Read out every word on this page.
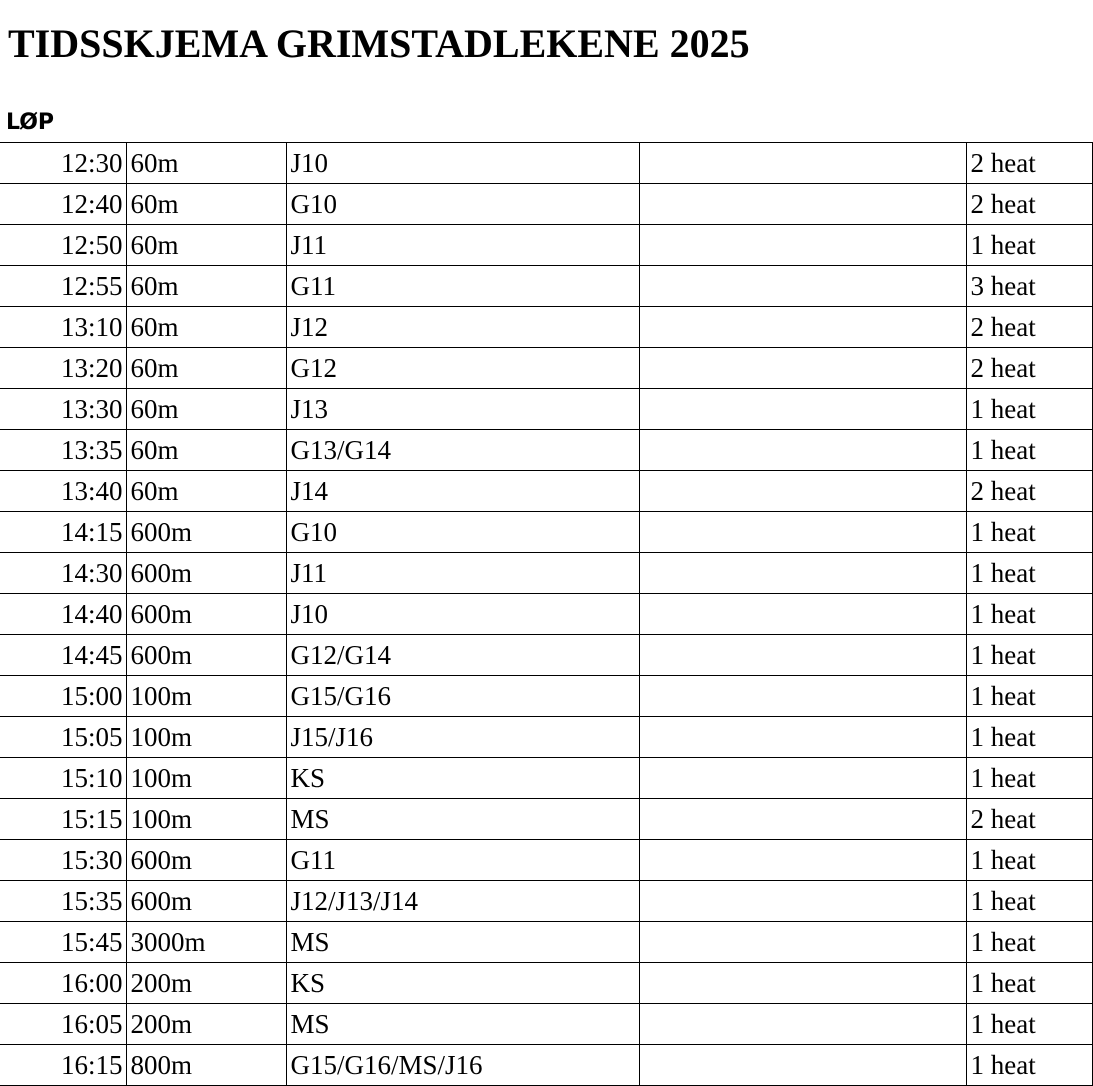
TIDSSKJEMA GRIMSTADLEKENE 2025
LØP
12:30	60m	J10		2 heat
12:40	60m	G10		2 heat
12:50	60m	J11		1 heat
12:55	60m	G11		3 heat
13:10	60m	J12		2 heat
13:20	60m	G12		2 heat
13:30	60m	J13		1 heat
13:35	60m	G13/G14		1 heat
13:40	60m	J14		2 heat
14:15	600m	G10		1 heat
14:30	600m	J11		1 heat
14:40	600m	J10		1 heat
14:45	600m	G12/G14		1 heat
15:00	100m	G15/G16		1 heat
15:05	100m	J15/J16		1 heat
15:10	100m	KS		1 heat
15:15	100m	MS		2 heat
15:30	600m	G11		1 heat
15:35	600m	J12/J13/J14		1 heat
15:45	3000m	MS		1 heat
16:00	200m	KS		1 heat
16:05	200m	MS		1 heat
16:15	800m	G15/G16/MS/J16		1 heat
